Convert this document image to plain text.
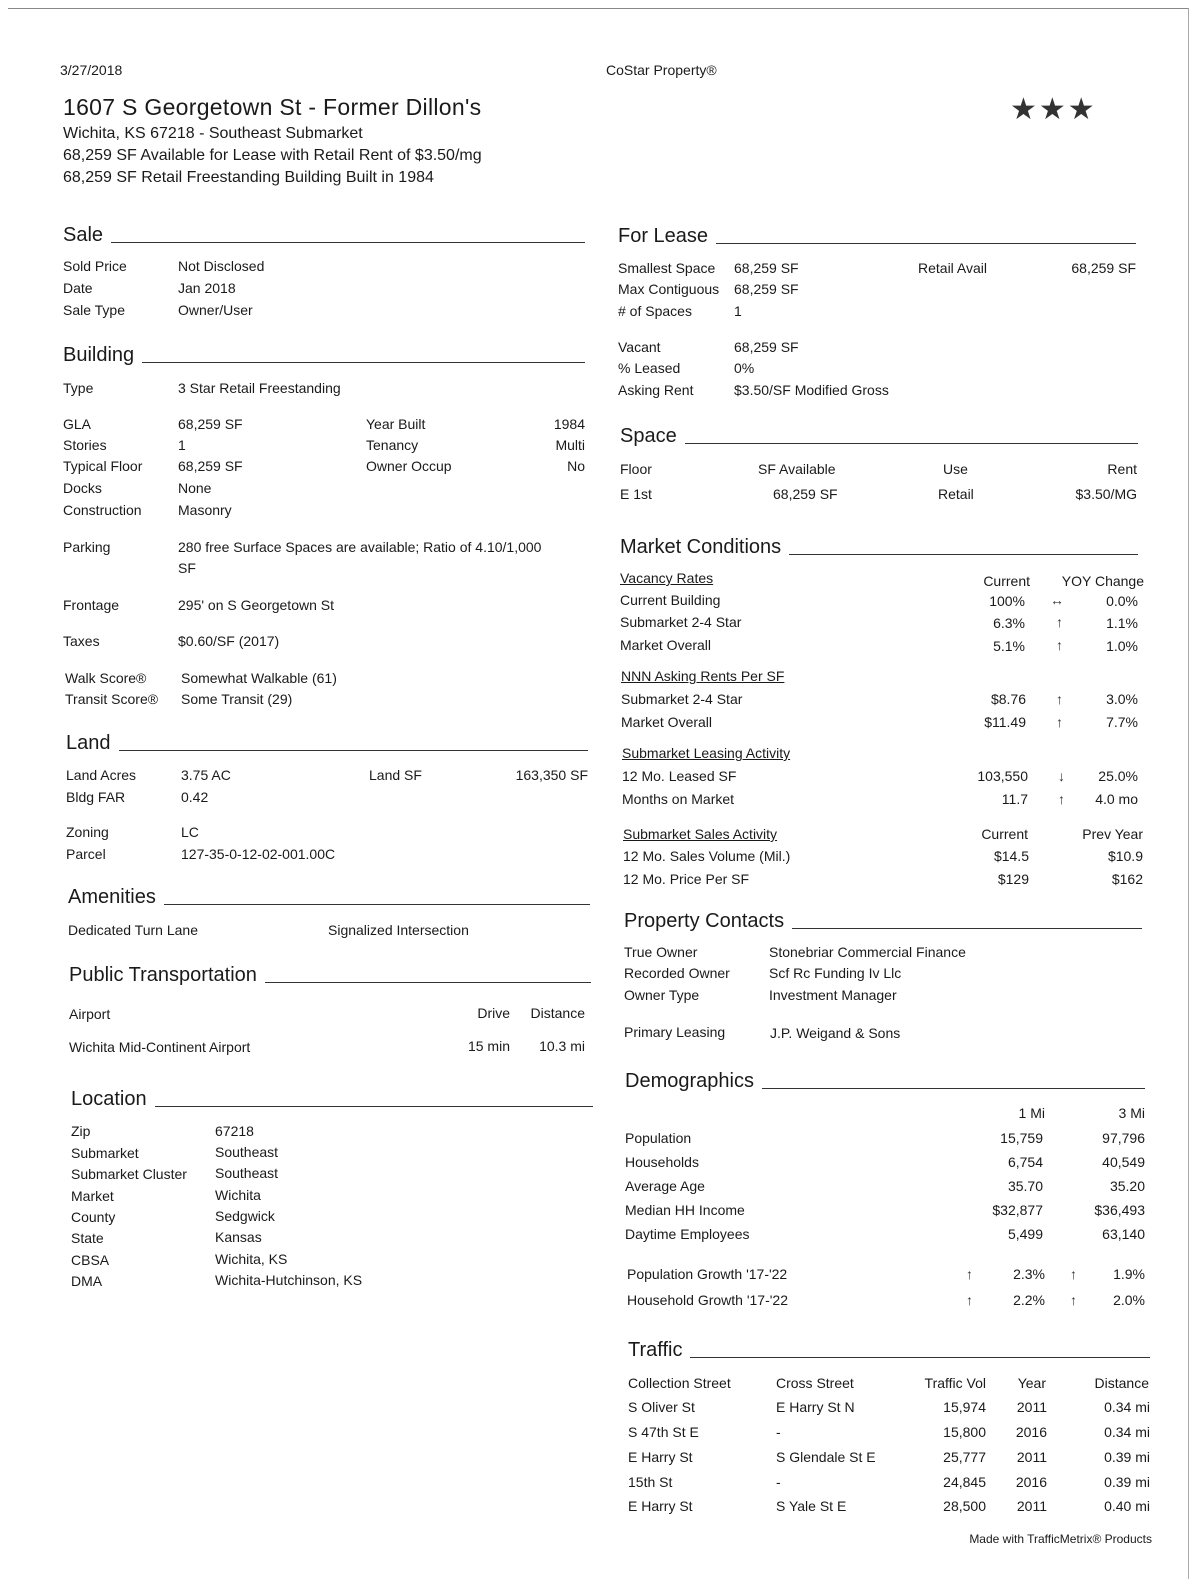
3/27/2018	CoStar Property®
1607 S Georgetown St - Former Dillon's
Wichita, KS 67218 - Southeast Submarket
68,259 SF Available for Lease with Retail Rent of $3.50/mg
68,259 SF Retail Freestanding Building Built in 1984
★★★
Sale
Sold Price	Not Disclosed
Date	Jan 2018
Sale Type	Owner/User
Building
Type	3 Star Retail Freestanding
GLA	68,259 SF	Year Built	1984
Stories	1	Tenancy	Multi
Typical Floor	68,259 SF	Owner Occup	No
Docks	None
Construction	Masonry
Parking	280 free Surface Spaces are available; Ratio of 4.10/1,000
SF
Frontage	295' on S Georgetown St
Taxes	$0.60/SF (2017)
Walk Score® Somewhat Walkable (61)
Transit Score® Some Transit (29)
Land
Land Acres	3.75 AC	Land SF	163,350 SF
Bldg FAR	0.42
Zoning	LC
Parcel	127-35-0-12-02-001.00C
Amenities
Dedicated Turn Lane	Signalized Intersection
Public Transportation
Airport	Drive	Distance
Wichita Mid-Continent Airport	15 min	10.3 mi
Location
Zip	67218
Submarket	Southeast
Submarket Cluster Southeast
Market	Wichita
County	Sedgwick
State	Kansas
CBSA	Wichita, KS
DMA	Wichita-Hutchinson, KS
For Lease
Smallest Space 68,259 SF	Retail Avail	68,259 SF
Max Contiguous 68,259 SF
# of Spaces	1
Vacant	68,259 SF
% Leased	0%
Asking Rent	$3.50/SF Modified Gross
Space
Floor	SF Available	Use	Rent
E 1st	68,259 SF	Retail	$3.50/MG
Market Conditions
Vacancy Rates	Current	YOY Change
Current Building	100% ↔	0.0%
Submarket 2-4 Star	6.3% ↑	1.1%
Market Overall	5.1% ↑	1.0%
NNN Asking Rents Per SF
Submarket 2-4 Star	$8.76 ↑	3.0%
Market Overall	$11.49 ↑	7.7%
Submarket Leasing Activity
12 Mo. Leased SF	103,550 ↓	25.0%
Months on Market	11.7 ↑	4.0 mo
Submarket Sales Activity	Current	Prev Year
12 Mo. Sales Volume (Mil.)	$14.5	$10.9
12 Mo. Price Per SF	$129	$162
Property Contacts
True Owner	Stonebriar Commercial Finance
Recorded Owner	Scf Rc Funding Iv Llc
Owner Type	Investment Manager
Primary Leasing	J.P. Weigand & Sons
Demographics
1 Mi	3 Mi
Population	15,759	97,796
Households	6,754	40,549
Average Age	35.70	35.20
Median HH Income	$32,877	$36,493
Daytime Employees	5,499	63,140
Population Growth '17-'22	↑	2.3% ↑	1.9%
Household Growth '17-'22	↑	2.2% ↑	2.0%
Traffic
Collection Street	Cross Street	Traffic Vol	Year	Distance
S Oliver St	E Harry St N	15,974	2011	0.34 mi
S 47th St E	-	15,800	2016	0.34 mi
E Harry St	S Glendale St E	25,777	2011	0.39 mi
15th St	-	24,845	2016	0.39 mi
E Harry St	S Yale St E	28,500	2011	0.40 mi
Made with TrafficMetrix® Products
